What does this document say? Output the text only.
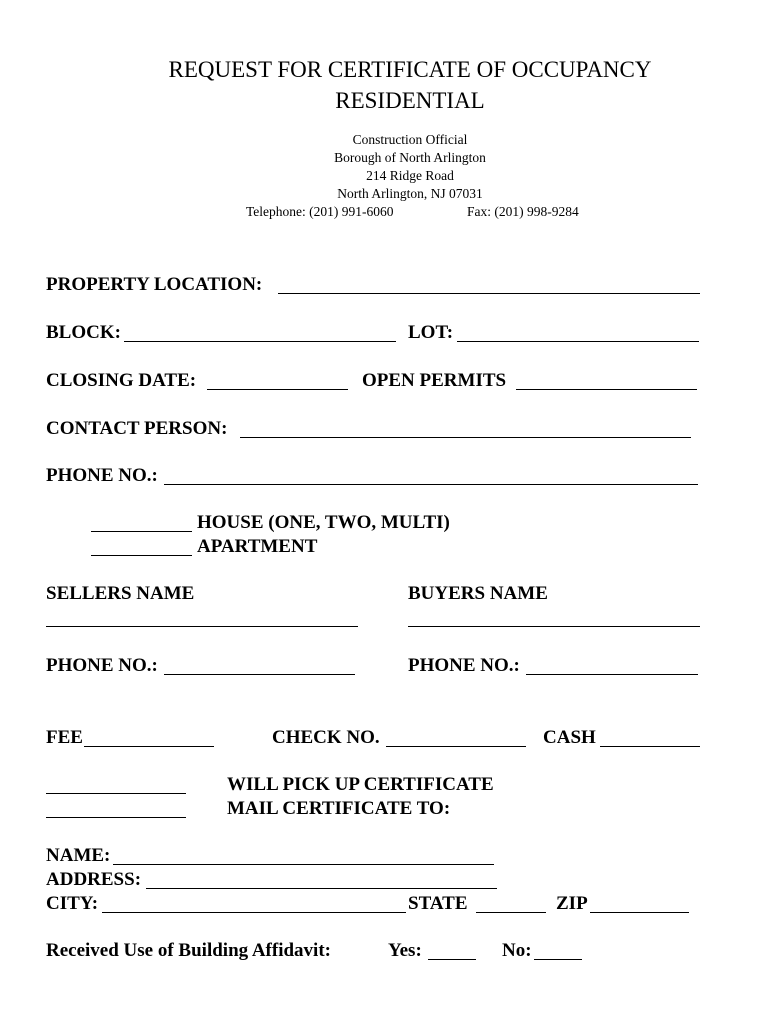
REQUEST FOR CERTIFICATE OF OCCUPANCY
RESIDENTIAL
Construction Official
Borough of North Arlington
214 Ridge Road
North Arlington, NJ 07031
Telephone: (201) 991-6060	Fax: (201) 998-9284
PROPERTY LOCATION:
BLOCK:	LOT:
CLOSING DATE:	OPEN PERMITS
CONTACT PERSON:
PHONE NO.:
HOUSE (ONE, TWO, MULTI)
APARTMENT
SELLERS NAME	BUYERS NAME
PHONE NO.:	PHONE NO.:
FEE	CHECK NO.	CASH
WILL PICK UP CERTIFICATE
MAIL CERTIFICATE TO:
NAME:
ADDRESS:
CITY:	STATE	ZIP
Received Use of Building Affidavit:	Yes:	No:
